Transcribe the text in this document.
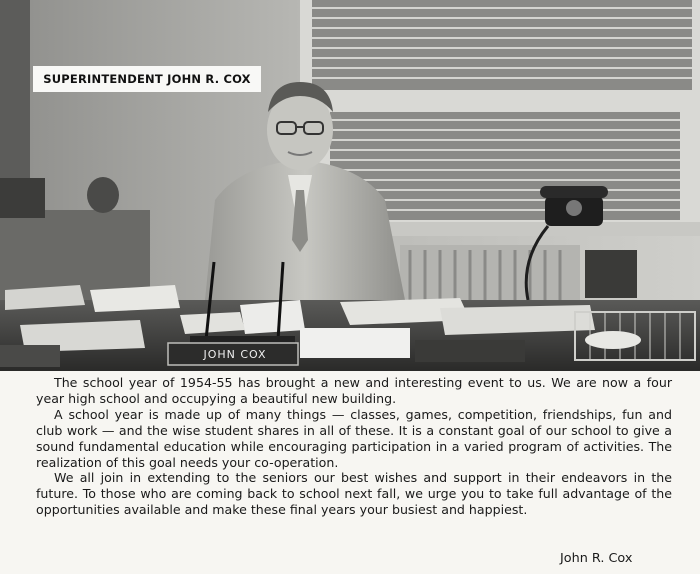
SUPERINTENDENT JOHN R. COX
JOHN COX

The school year of 1954-55 has brought a new and interesting event to us. We are now a four year high school and occupying a beautiful new building.

A school year is made up of many things — classes, games, competition, friendships, fun and club work — and the wise student shares in all of these. It is a constant goal of our school to give a sound fundamental education while encouraging participation in a varied program of activities. The realization of this goal needs your co-operation.

We all join in extending to the seniors our best wishes and support in their endeavors in the future. To those who are coming back to school next fall, we urge you to take full advantage of the opportunities available and make these final years your busiest and happiest.

John R. Cox
